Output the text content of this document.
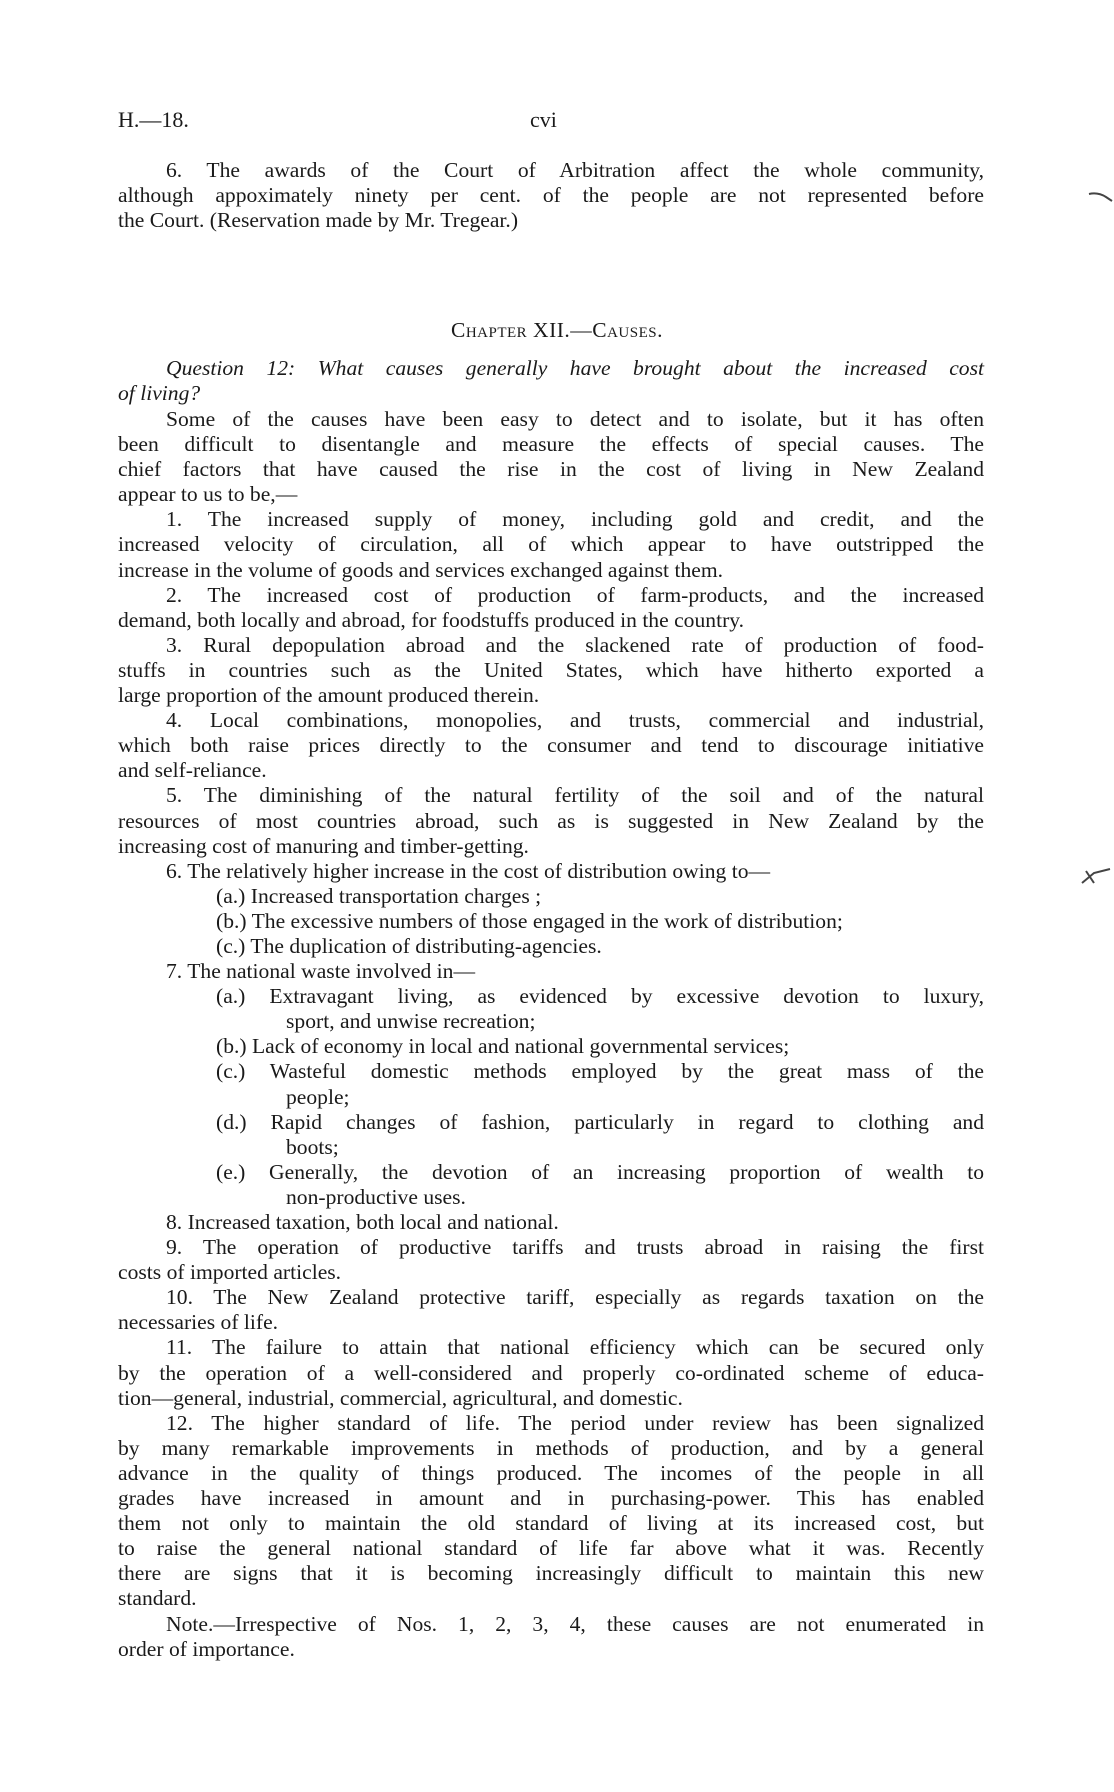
H.—18.	cvi
6. The awards of the Court of Arbitration affect the whole community,
although appoximately ninety per cent. of the people are not represented before
the Court. (Reservation made by Mr. Tregear.)
Chapter XII.—Causes.
Question 12: What causes generally have brought about the increased cost
of living?
Some of the causes have been easy to detect and to isolate, but it has often
been difficult to disentangle and measure the effects of special causes. The
chief factors that have caused the rise in the cost of living in New Zealand
appear to us to be,—
1. The increased supply of money, including gold and credit, and the
increased velocity of circulation, all of which appear to have outstripped the
increase in the volume of goods and services exchanged against them.
2. The increased cost of production of farm-products, and the increased
demand, both locally and abroad, for foodstuffs produced in the country.
3. Rural depopulation abroad and the slackened rate of production of food-
stuffs in countries such as the United States, which have hitherto exported a
large proportion of the amount produced therein.
4. Local combinations, monopolies, and trusts, commercial and industrial,
which both raise prices directly to the consumer and tend to discourage initiative
and self-reliance.
5. The diminishing of the natural fertility of the soil and of the natural
resources of most countries abroad, such as is suggested in New Zealand by the
increasing cost of manuring and timber-getting.
6. The relatively higher increase in the cost of distribution owing to—
(a.) Increased transportation charges ;
(b.) The excessive numbers of those engaged in the work of distribution;
(c.) The duplication of distributing-agencies.
7. The national waste involved in—
(a.) Extravagant living, as evidenced by excessive devotion to luxury,
sport, and unwise recreation;
(b.) Lack of economy in local and national governmental services;
(c.) Wasteful domestic methods employed by the great mass of the
people;
(d.) Rapid changes of fashion, particularly in regard to clothing and
boots;
(e.) Generally, the devotion of an increasing proportion of wealth to
non-productive uses.
8. Increased taxation, both local and national.
9. The operation of productive tariffs and trusts abroad in raising the first
costs of imported articles.
10. The New Zealand protective tariff, especially as regards taxation on the
necessaries of life.
11. The failure to attain that national efficiency which can be secured only
by the operation of a well-considered and properly co-ordinated scheme of educa-
tion—general, industrial, commercial, agricultural, and domestic.
12. The higher standard of life. The period under review has been signalized
by many remarkable improvements in methods of production, and by a general
advance in the quality of things produced. The incomes of the people in all
grades have increased in amount and in purchasing-power. This has enabled
them not only to maintain the old standard of living at its increased cost, but
to raise the general national standard of life far above what it was. Recently
there are signs that it is becoming increasingly difficult to maintain this new
standard.
Note.—Irrespective of Nos. 1, 2, 3, 4, these causes are not enumerated in
order of importance.
